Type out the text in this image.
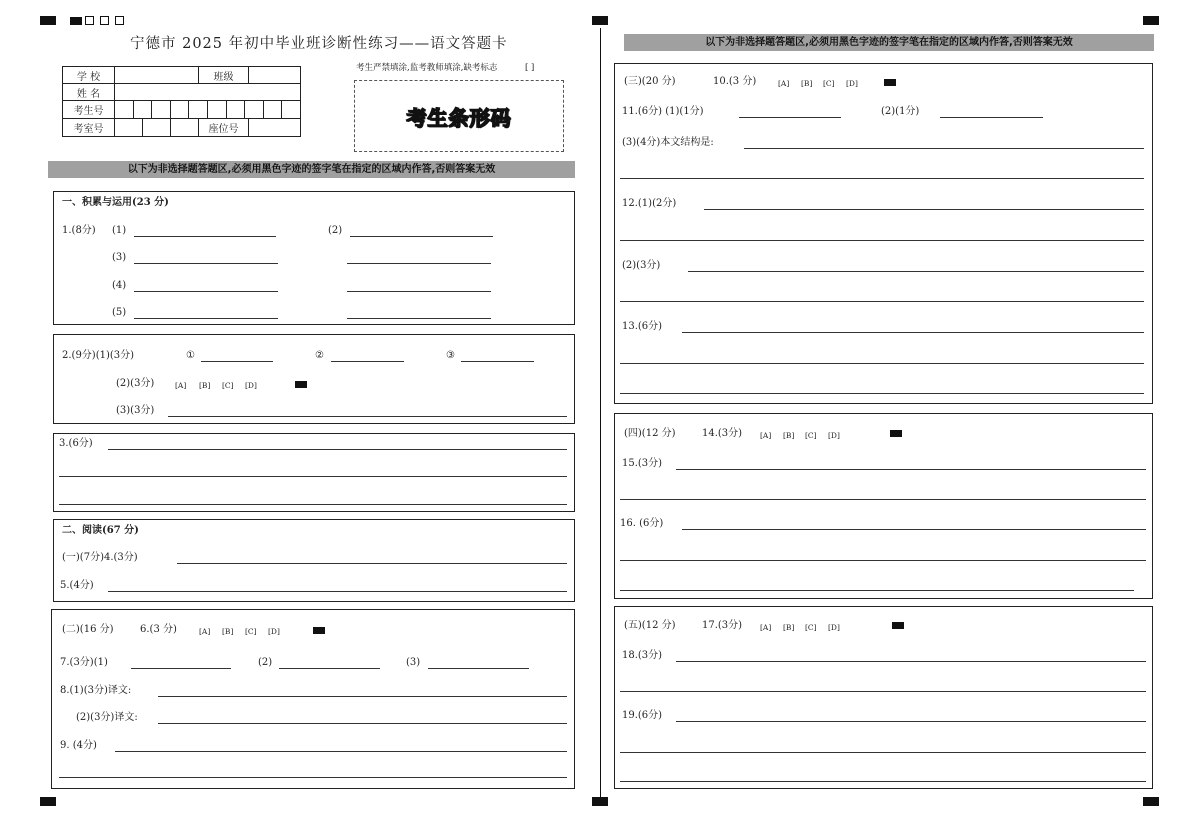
宁德市 2025 年初中毕业班诊断性练习——语文答题卡
学 校		班级	
姓 名			
考生号			

考室号		座位号	
考生严禁填涂,监考教师填涂,缺考标志	[ ]
考生条形码
以下为非选择题答题区,必须用黑色字迹的签字笔在指定的区域内作答,否则答案无效
一、积累与运用(23 分)
1.(8分) (1)	(2)
(3)
(4)
(5)
2.(9分)(1)(3分)	①	②	③
(2)(3分)	[A] [B] [C] [D]
(3)(3分)
3.(6分)
二、阅读(67 分)
(一)(7分)4.(3分)
5.(4分)
(二)(16 分)	6.(3 分)	[A] [B] [C] [D]
7.(3分)(1)	(2)	(3)
8.(1)(3分)译文:
(2)(3分)译文:
9. (4分)
以下为非选择题答题区,必须用黑色字迹的签字笔在指定的区域内作答,否则答案无效
(三)(20 分)	10.(3 分)	[A] [B] [C] [D]
11.(6分) (1)(1分)	(2)(1分)
(3)(4分)本文结构是:
12.(1)(2分)
(2)(3分)
13.(6分)
(四)(12 分)	14.(3分) [A] [B] [C] [D]
15.(3分)
16. (6分)
(五)(12 分)	17.(3分) [A] [B] [C] [D]
18.(3分)
19.(6分)
